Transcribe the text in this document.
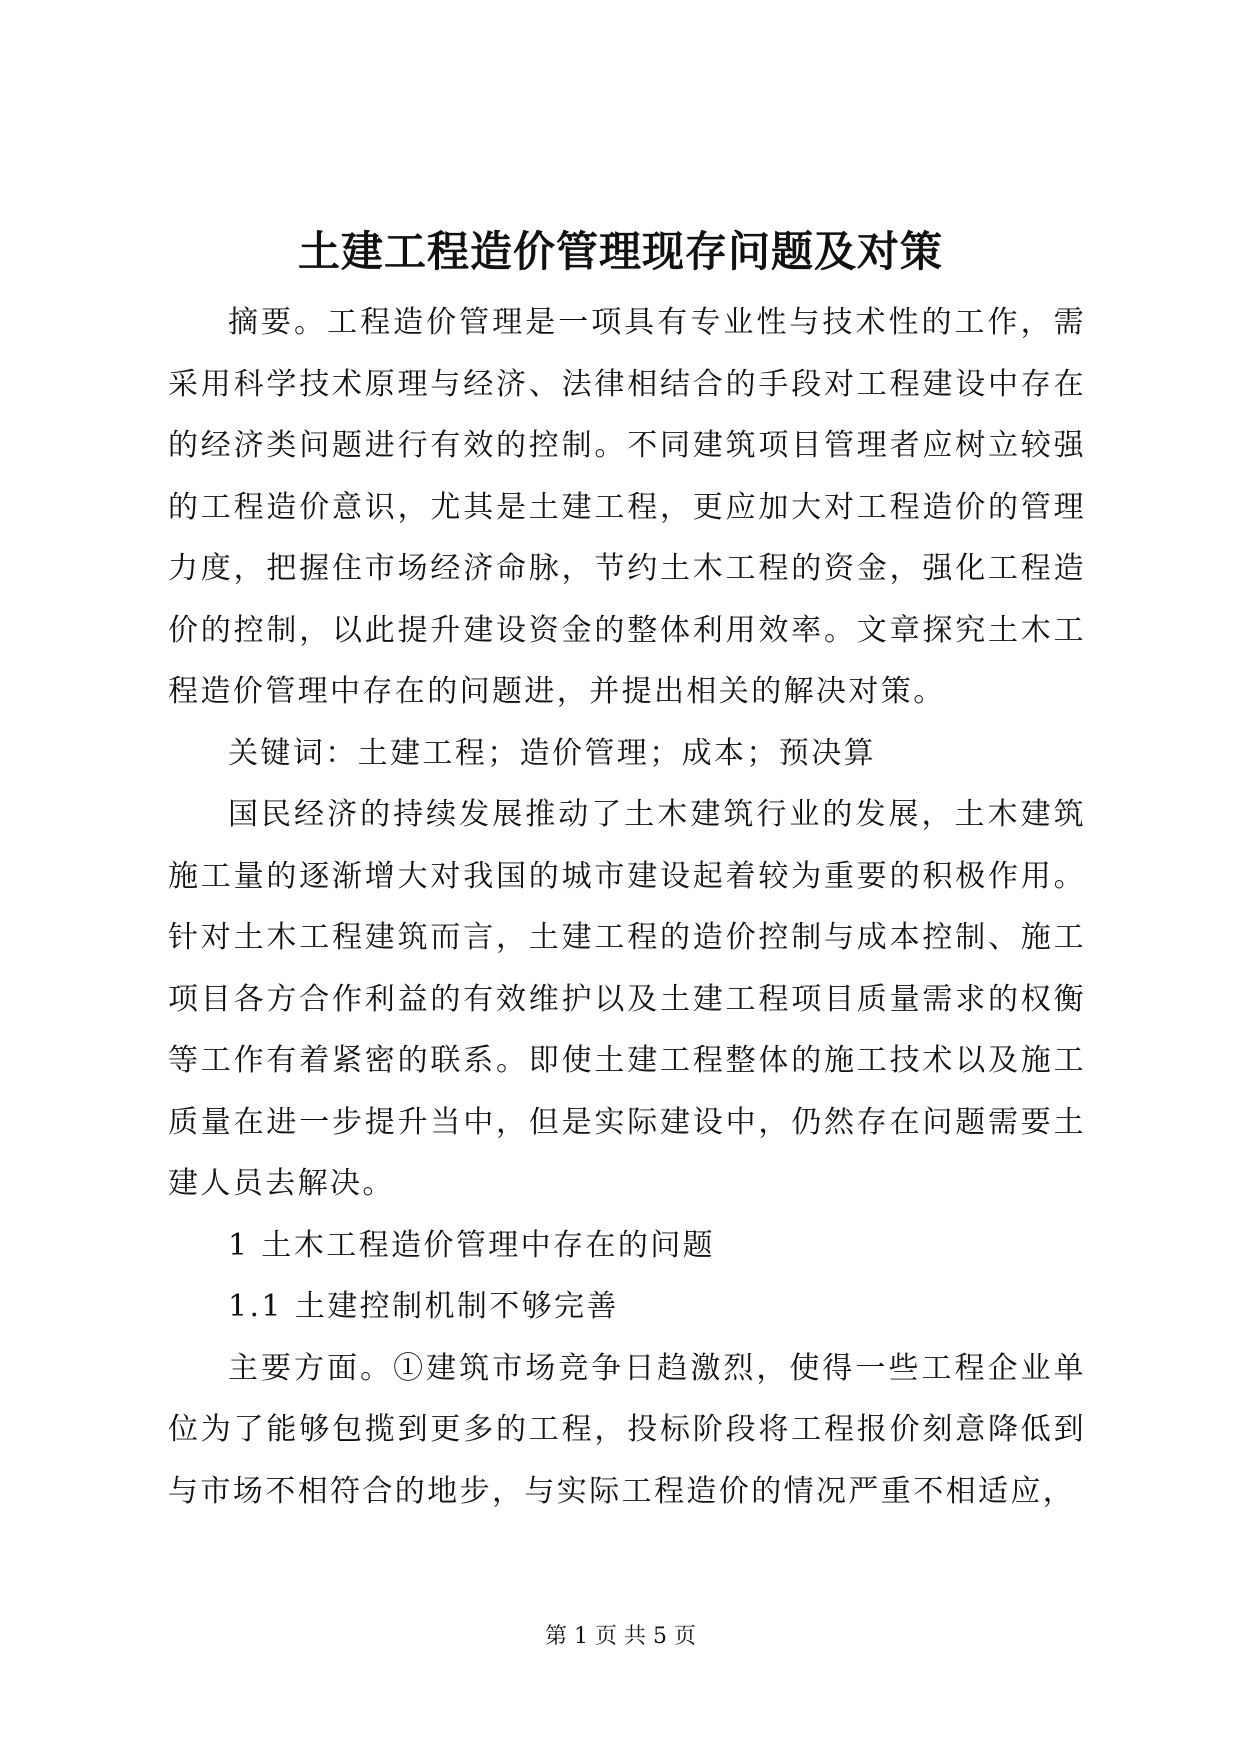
土建工程造价管理现存问题及对策

摘要。工程造价管理是一项具有专业性与技术性的工作，需采用科学技术原理与经济、法律相结合的手段对工程建设中存在的经济类问题进行有效的控制。不同建筑项目管理者应树立较强的工程造价意识，尤其是土建工程，更应加大对工程造价的管理力度，把握住市场经济命脉，节约土木工程的资金，强化工程造价的控制，以此提升建设资金的整体利用效率。文章探究土木工程造价管理中存在的问题进，并提出相关的解决对策。

关键词：土建工程；造价管理；成本；预决算

国民经济的持续发展推动了土木建筑行业的发展，土木建筑施工量的逐渐增大对我国的城市建设起着较为重要的积极作用。针对土木工程建筑而言，土建工程的造价控制与成本控制、施工项目各方合作利益的有效维护以及土建工程项目质量需求的权衡等工作有着紧密的联系。即使土建工程整体的施工技术以及施工质量在进一步提升当中，但是实际建设中，仍然存在问题需要土建人员去解决。

1 土木工程造价管理中存在的问题

1.1 土建控制机制不够完善

主要方面。①建筑市场竞争日趋激烈，使得一些工程企业单位为了能够包揽到更多的工程，投标阶段将工程报价刻意降低到与市场不相符合的地步，与实际工程造价的情况严重不相适应，

第 1 页 共 5 页
